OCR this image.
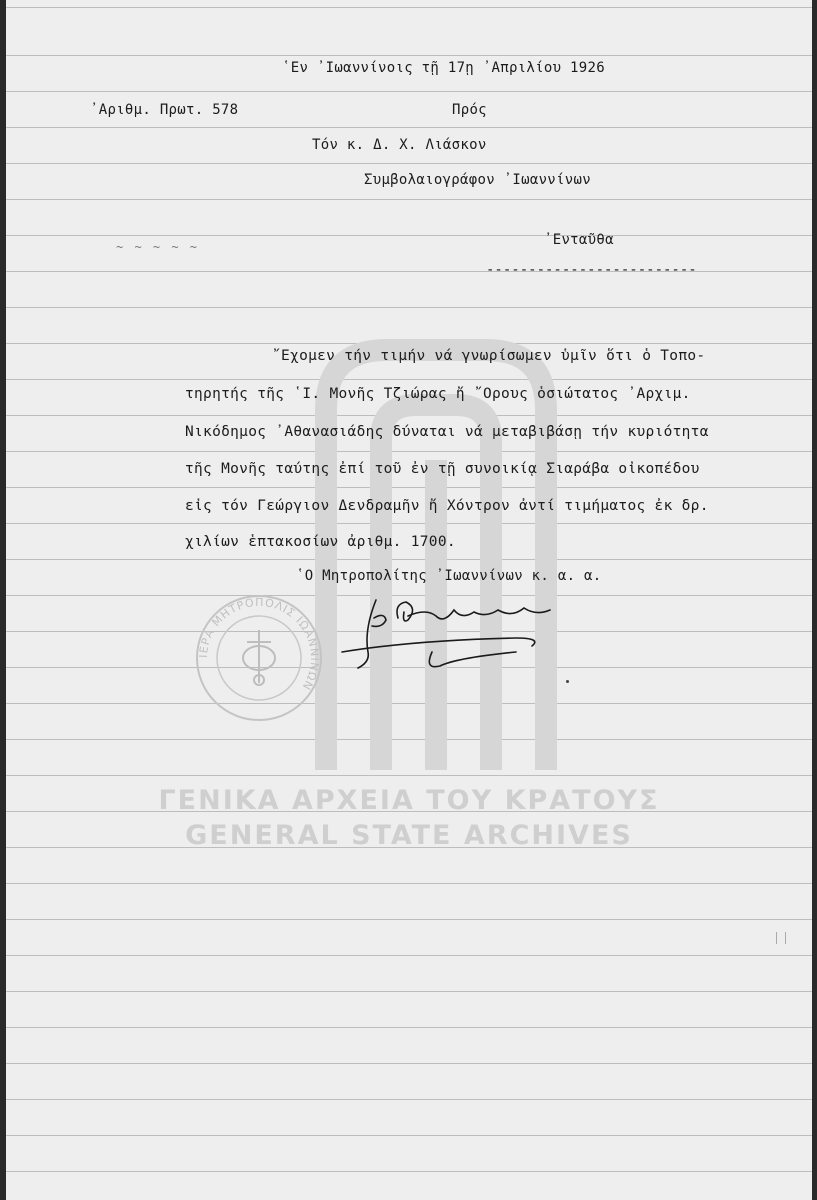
῾Εν ᾿Ιωαννίνοις τῇ 17ῃ ᾿Απριλίου 1926
᾿Αριθμ. Πρωτ. 578	Πρός
Τόν κ. Δ. Χ. Λιάσκον
Συμβολαιογράφον ᾿Ιωαννίνων
~ ~ ~ ~ ~	᾿Ενταῦθα
-------------------------
῎Εχομεν τήν τιμήν νά γνωρίσωμεν ὑμῖν ὅτι ὁ Τοπο-
τηρητής τῆς ῾Ι. Μονῆς Τζιώρας ἤ ῎Ορους ὁσιώτατος ᾿Αρχιμ.
Νικόδημος ᾿Αθανασιάδης δύναται νά μεταβιβάσῃ τήν κυριότητα
τῆς Μονῆς ταύτης ἐπί τοῦ ἐν τῇ συνοικίᾳ Σιαράβα οἰκοπέδου
εἰς τόν Γεώργιον Δενδραμῆν ἤ Χόντρον ἀντί τιμήματος ἐκ δρ.
χιλίων ἑπτακοσίων ἀριθμ. 1700.
῾Ο Μητροπολίτης ᾿Ιωαννίνων κ. α. α.
ΙΕΡΑ ΜΗΤΡΟΠΟΛΙΣ ΙΩΑΝΝΙΝΩΝ
ΓΕΝΙΚΑ ΑΡΧΕΙΑ ΤΟΥ ΚΡΑΤΟΥΣ
GENERAL STATE ARCHIVES
